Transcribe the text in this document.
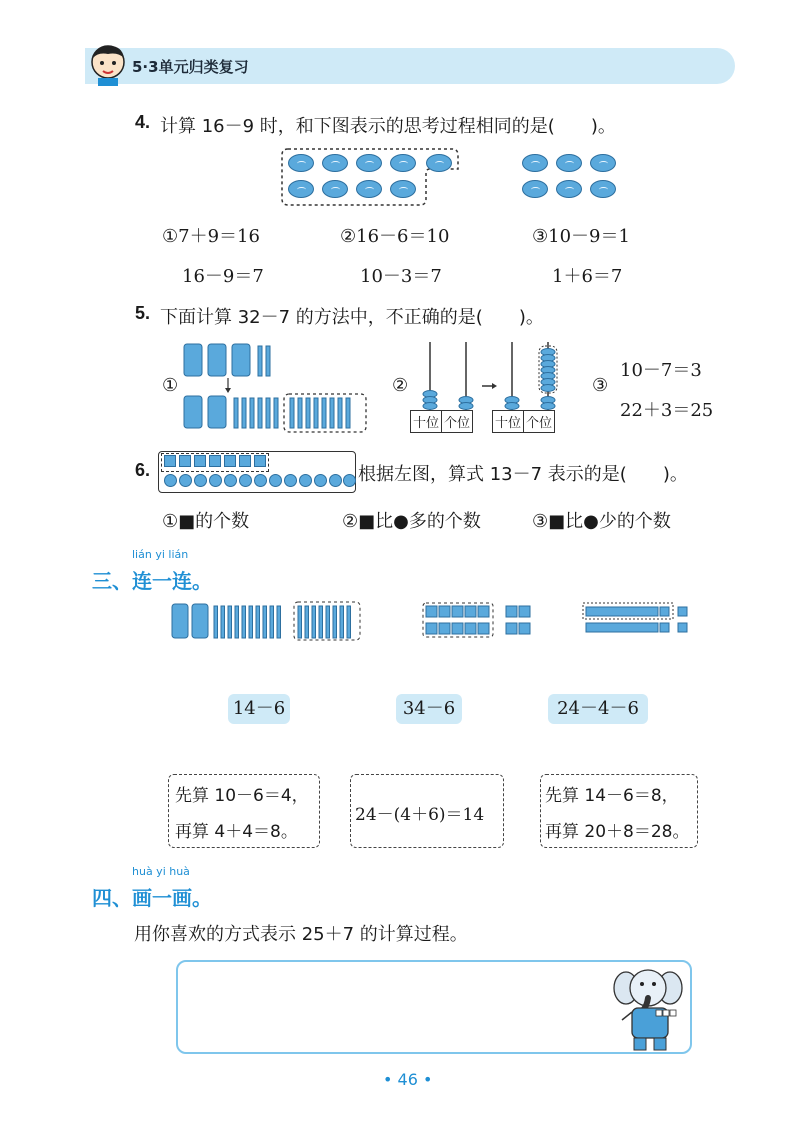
5·3单元归类复习
4. 计算 16－9 时，和下图表示的思考过程相同的是(　　)。
①7＋9＝16
16－9＝7
②16－6＝10
10－3＝7
③10－9＝1
1＋6＝7
5. 下面计算 32－7 的方法中，不正确的是(　　)。
①	②
十位 个位 十位 个位
③
10－7＝3
22＋3＝25
6.	根据左图，算式 13－7 表示的是(　　)。
①■的个数	②■比●多的个数	③■比●少的个数
lián yi lián
三、连一连。
14－6	34－6	24－4－6
先算 10－6＝4，
再算 4＋4＝8。
24－(4＋6)＝14
先算 14－6＝8，
再算 20＋8＝28。
huà yi huà
四、画一画。
用你喜欢的方式表示 25＋7 的计算过程。
• 46 •
